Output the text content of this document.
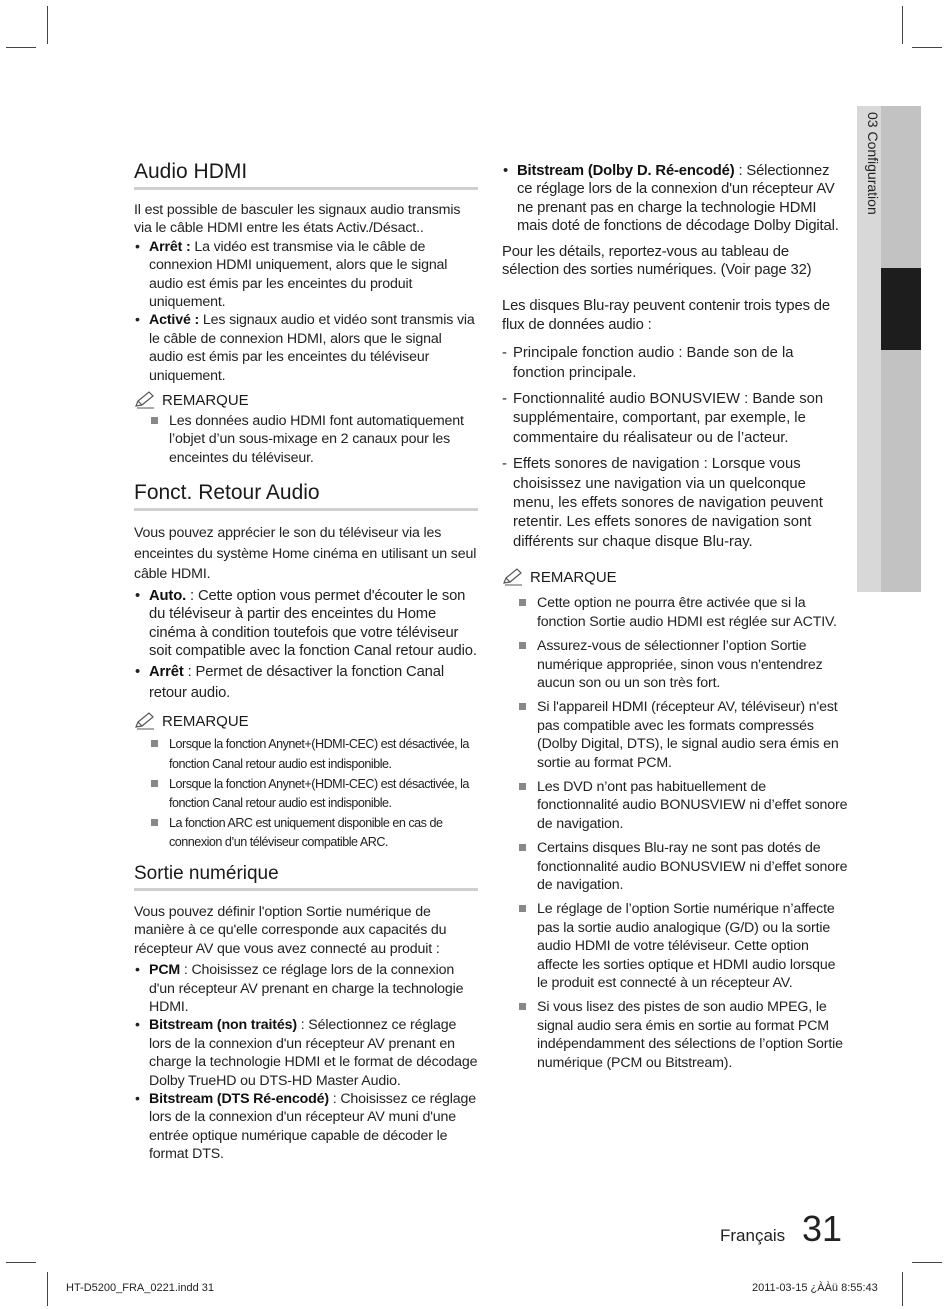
03 Configuration
Audio HDMI

Il est possible de basculer les signaux audio transmis via le câble HDMI entre les états Activ./Désact..

• Arrêt : La vidéo est transmise via le câble de connexion HDMI uniquement, alors que le signal audio est émis par les enceintes du produit uniquement.
• Activé : Les signaux audio et vidéo sont transmis via le câble de connexion HDMI, alors que le signal audio est émis par les enceintes du téléviseur uniquement.

REMARQUE

Les données audio HDMI font automatiquement l’objet d’un sous-mixage en 2 canaux pour les enceintes du téléviseur.
Fonct. Retour Audio

Vous pouvez apprécier le son du téléviseur via les enceintes du système Home cinéma en utilisant un seul câble HDMI.

• Auto. : Cette option vous permet d'écouter le son du téléviseur à partir des enceintes du Home cinéma à condition toutefois que votre téléviseur soit compatible avec la fonction Canal retour audio.
• Arrêt : Permet de désactiver la fonction Canal retour audio.

REMARQUE

Lorsque la fonction Anynet+(HDMI-CEC) est désactivée, la fonction Canal retour audio est indisponible.
Lorsque la fonction Anynet+(HDMI-CEC) est désactivée, la fonction Canal retour audio est indisponible.
La fonction ARC est uniquement disponible en cas de connexion d’un téléviseur compatible ARC.
Sortie numérique

Vous pouvez définir l'option Sortie numérique de manière à ce qu'elle corresponde aux capacités du récepteur AV que vous avez connecté au produit :

• PCM : Choisissez ce réglage lors de la connexion d'un récepteur AV prenant en charge la technologie HDMI.
• Bitstream (non traités) : Sélectionnez ce réglage lors de la connexion d'un récepteur AV prenant en charge la technologie HDMI et le format de décodage Dolby TrueHD ou DTS-HD Master Audio.
• Bitstream (DTS Ré-encodé) : Choisissez ce réglage lors de la connexion d'un récepteur AV muni d'une entrée optique numérique capable de décoder le format DTS.
• Bitstream (Dolby D. Ré-encodé) : Sélectionnez ce réglage lors de la connexion d'un récepteur AV ne prenant pas en charge la technologie HDMI mais doté de fonctions de décodage Dolby Digital.

Pour les détails, reportez-vous au tableau de sélection des sorties numériques. (Voir page 32)

Les disques Blu-ray peuvent contenir trois types de flux de données audio :

- Principale fonction audio : Bande son de la fonction principale.

- Fonctionnalité audio BONUSVIEW : Bande son supplémentaire, comportant, par exemple, le commentaire du réalisateur ou de l’acteur.

- Effets sonores de navigation : Lorsque vous choisissez une navigation via un quelconque menu, les effets sonores de navigation peuvent retentir. Les effets sonores de navigation sont différents sur chaque disque Blu-ray.

REMARQUE

Cette option ne pourra être activée que si la fonction Sortie audio HDMI est réglée sur ACTIV.
Assurez-vous de sélectionner l’option Sortie numérique appropriée, sinon vous n'entendrez aucun son ou un son très fort.
Si l'appareil HDMI (récepteur AV, téléviseur) n'est pas compatible avec les formats compressés (Dolby Digital, DTS), le signal audio sera émis en sortie au format PCM.
Les DVD n’ont pas habituellement de fonctionnalité audio BONUSVIEW ni d’effet sonore de navigation.
Certains disques Blu-ray ne sont pas dotés de fonctionnalité audio BONUSVIEW ni d’effet sonore de navigation.
Le réglage de l’option Sortie numérique n’affecte pas la sortie audio analogique (G/D) ou la sortie audio HDMI de votre téléviseur. Cette option affecte les sorties optique et HDMI audio lorsque le produit est connecté à un récepteur AV.
Si vous lisez des pistes de son audio MPEG, le signal audio sera émis en sortie au format PCM indépendamment des sélections de l’option Sortie numérique (PCM ou Bitstream).
Français 31
HT-D5200_FRA_0221.indd 31	2011-03-15 ¿ÀÀü 8:55:43
